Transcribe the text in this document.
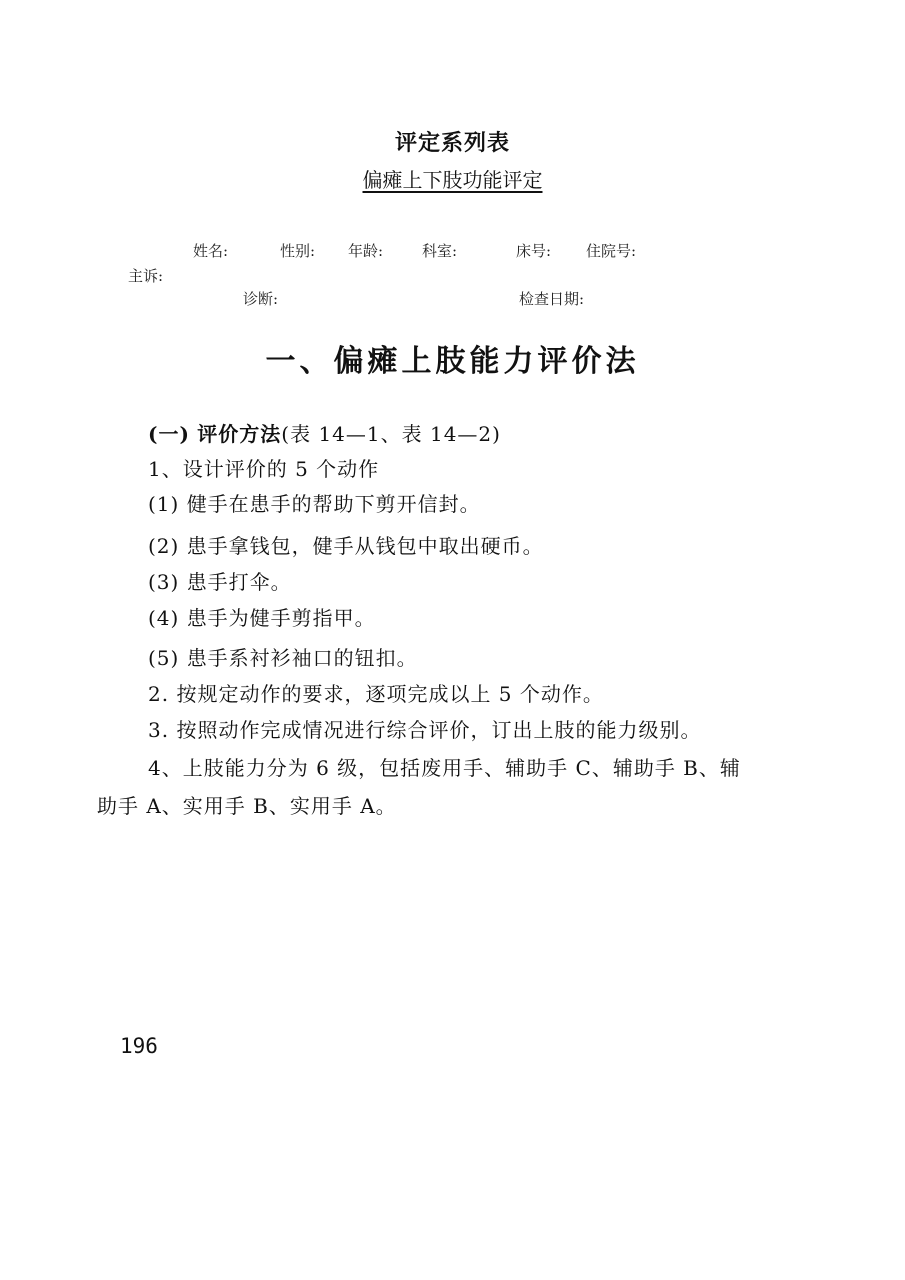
评定系列表
偏瘫上下肢功能评定
姓名:	性别: 年龄:	科室:	床号: 住院号:
主诉:
诊断:	检查日期:
一、偏瘫上肢能力评价法
(一) 评价方法(表 14—1、表 14—2)
1、设计评价的 5 个动作
(1) 健手在患手的帮助下剪开信封。
(2) 患手拿钱包，健手从钱包中取出硬币。
(3) 患手打伞。
(4) 患手为健手剪指甲。
(5) 患手系衬衫袖口的钮扣。
2. 按规定动作的要求，逐项完成以上 5 个动作。
3. 按照动作完成情况进行综合评价，订出上肢的能力级别。
4、上肢能力分为 6 级，包括废用手、辅助手 C、辅助手 B、辅
助手 A、实用手 B、实用手 A。
196
